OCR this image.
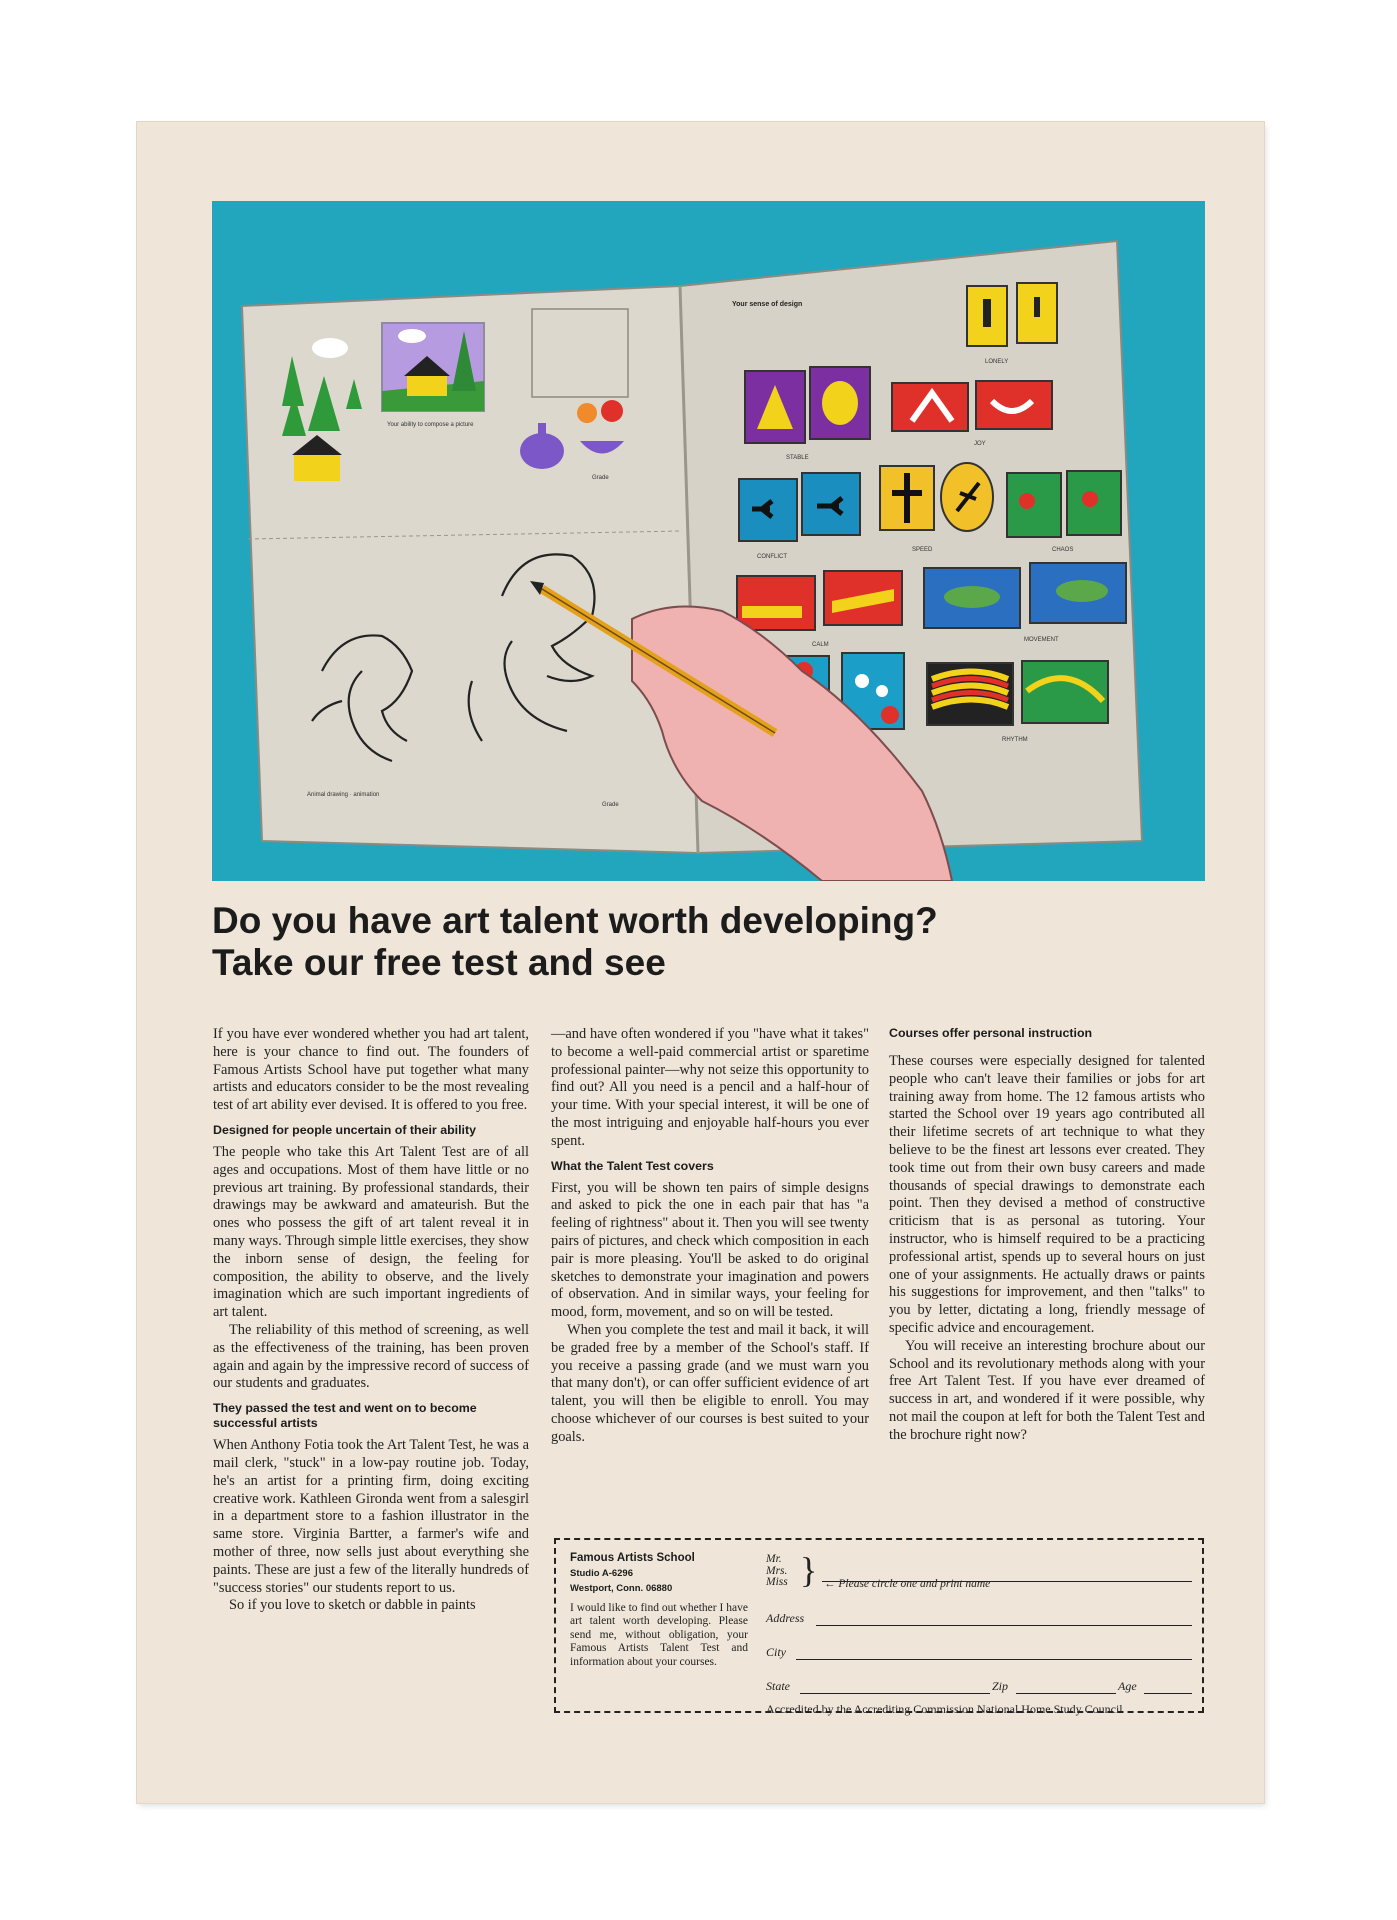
Your ability to compose a picture
Grade
Animal drawing · animation
Grade
Your sense of design
LONELY
STABLE
JOY
CONFLICT
SPEED	CHAOS
CALM
MOVEMENT
RHYTHM
Do you have art talent worth developing?
Take our free test and see

If you have ever wondered whether you had art talent, here is your chance to find out. The founders of Famous Artists School have put together what many artists and educators consider to be the most revealing test of art ability ever devised. It is offered to you free.

Designed for people uncertain of their ability

The people who take this Art Talent Test are of all ages and occupations. Most of them have little or no previous art training. By professional standards, their drawings may be awkward and amateurish. But the ones who possess the gift of art talent reveal it in many ways. Through simple little exercises, they show the inborn sense of design, the feeling for composition, the ability to observe, and the lively imagination which are such important ingredients of art talent.

The reliability of this method of screening, as well as the effectiveness of the training, has been proven again and again by the impressive record of success of our students and graduates.

They passed the test and went on to become successful artists

When Anthony Fotia took the Art Talent Test, he was a mail clerk, "stuck" in a low-pay routine job. Today, he's an artist for a printing firm, doing exciting creative work. Kathleen Gironda went from a salesgirl in a department store to a fashion illustrator in the same store. Virginia Bartter, a farmer's wife and mother of three, now sells just about everything she paints. These are just a few of the literally hundreds of "success stories" our students report to us.

So if you love to sketch or dabble in paints

—and have often wondered if you "have what it takes" to become a well-paid commercial artist or sparetime professional painter—why not seize this opportunity to find out? All you need is a pencil and a half-hour of your time. With your special interest, it will be one of the most intriguing and enjoyable half-hours you ever spent.

What the Talent Test covers

First, you will be shown ten pairs of simple designs and asked to pick the one in each pair that has "a feeling of rightness" about it. Then you will see twenty pairs of pictures, and check which composition in each pair is more pleasing. You'll be asked to do original sketches to demonstrate your imagination and powers of observation. And in similar ways, your feeling for mood, form, movement, and so on will be tested.

When you complete the test and mail it back, it will be graded free by a member of the School's staff. If you receive a passing grade (and we must warn you that many don't), or can offer sufficient evidence of art talent, you will then be eligible to enroll. You may choose whichever of our courses is best suited to your goals.

Courses offer personal instruction

These courses were especially designed for talented people who can't leave their families or jobs for art training away from home. The 12 famous artists who started the School over 19 years ago contributed all their lifetime secrets of art technique to what they believe to be the finest art lessons ever created. They took time out from their own busy careers and made thousands of special drawings to demonstrate each point. Then they devised a method of constructive criticism that is as personal as tutoring. Your instructor, who is himself required to be a practicing professional artist, spends up to several hours on just one of your assignments. He actually draws or paints his suggestions for improvement, and then "talks" to you by letter, dictating a long, friendly message of specific advice and encouragement.

You will receive an interesting brochure about our School and its revolutionary methods along with your free Art Talent Test. If you have ever dreamed of success in art, and wondered if it were possible, why not mail the coupon at left for both the Talent Test and the brochure right now?

Famous Artists School
Studio A-6296
Westport, Conn. 06880
I would like to find out whether I have art talent worth developing. Please send me, without obligation, your Famous Artists Talent Test and information about your courses.
Mr.
Mrs.
Miss } ← Please circle one and print name
Address
City
State	Zip	Age
Accredited by the Accrediting Commission National Home Study Council
